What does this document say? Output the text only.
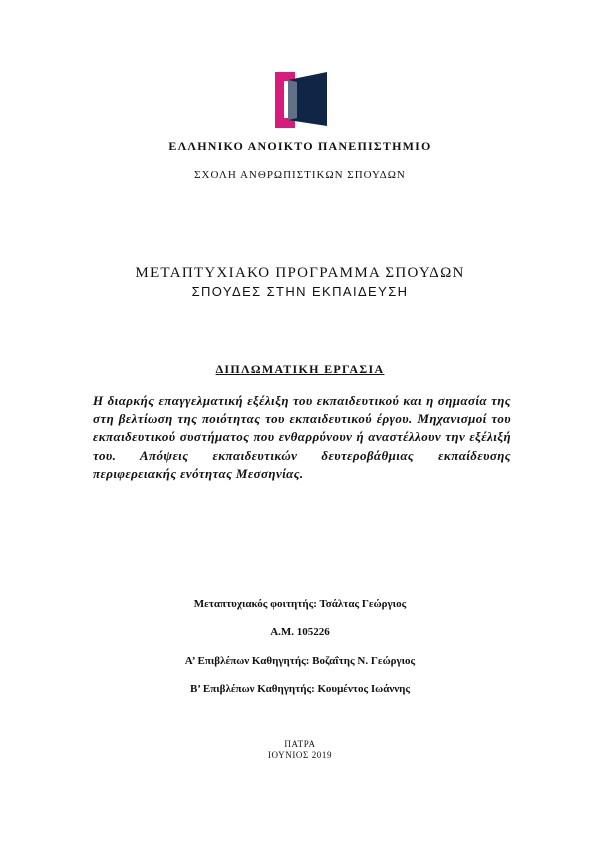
ΕΛΛΗΝΙΚΟ ΑΝΟΙΚΤΟ ΠΑΝΕΠΙΣΤΗΜΙΟ
ΣΧΟΛΗ ΑΝΘΡΩΠΙΣΤΙΚΩΝ ΣΠΟΥΔΩΝ
ΜΕΤΑΠΤΥΧΙΑΚΟ ΠΡΟΓΡΑΜΜΑ ΣΠΟΥΔΩΝ
ΣΠΟΥΔΕΣ ΣΤΗΝ ΕΚΠΑΙΔΕΥΣΗ
ΔΙΠΛΩΜΑΤΙΚΗ ΕΡΓΑΣΙΑ

Η διαρκής επαγγελματική εξέλιξη του εκπαιδευτικού και η σημασία της στη βελτίωση της ποιότητας του εκπαιδευτικού έργου. Μηχανισμοί του εκπαιδευτικού συστήματος που ενθαρρύνουν ή αναστέλλουν την εξέλιξή του. Απόψεις εκπαιδευτικών δευτεροβάθμιας εκπαίδευσης περιφερειακής ενότητας Μεσσηνίας.

Μεταπτυχιακός φοιτητής: Τσάλτας Γεώργιος
Α.Μ. 105226
Α’ Επιβλέπων Καθηγητής: Βοζαΐτης Ν. Γεώργιος
Β’ Επιβλέπων Καθηγητής: Κουμέντος Ιωάννης
ΠΑΤΡΑ
ΙΟΥΝΙΟΣ 2019
